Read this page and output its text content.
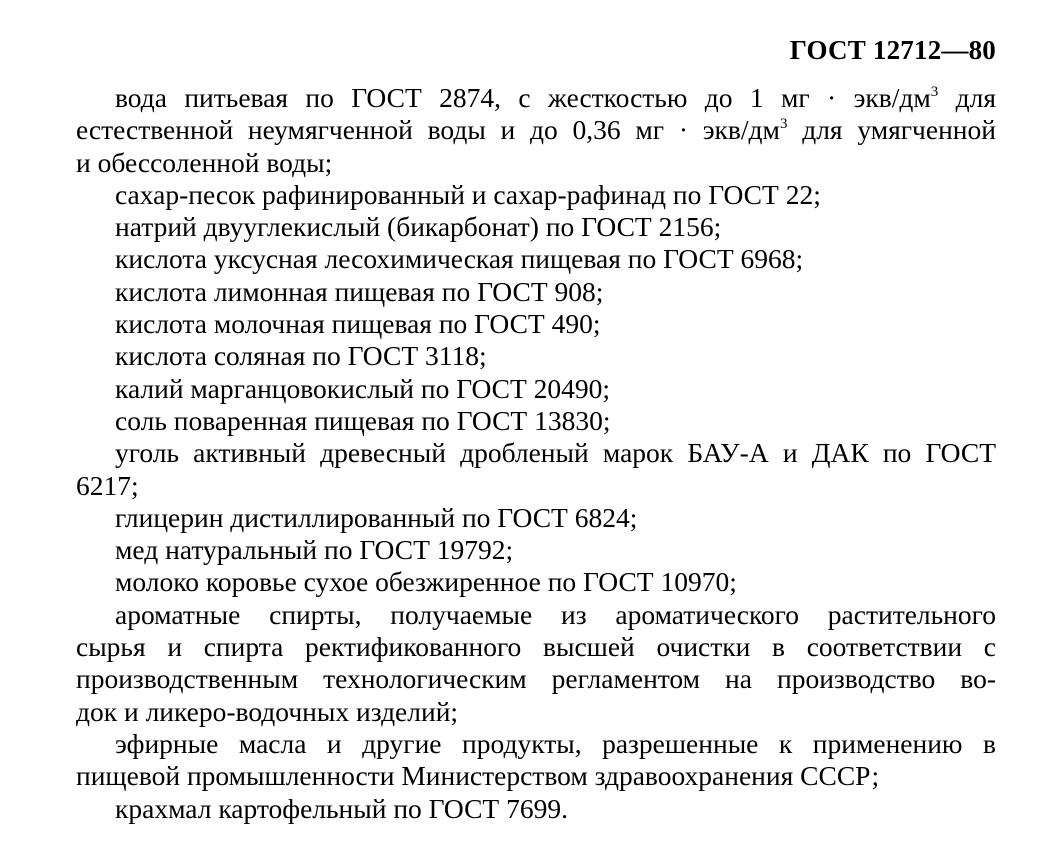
ГОСТ 12712—80
вода питьевая по ГОСТ 2874, с жесткостью до 1 мг · экв/$дм^3$ для
естественной неумягченной воды и до 0,36 мг · экв/$дм^3$ для умягченной
и обессоленной воды;

сахар-песок рафинированный и сахар-рафинад по ГОСТ 22;

натрий двууглекислый (бикарбонат) по ГОСТ 2156;

кислота уксусная лесохимическая пищевая по ГОСТ 6968;

кислота лимонная пищевая по ГОСТ 908;

кислота молочная пищевая по ГОСТ 490;

кислота соляная по ГОСТ 3118;

калий марганцовокислый по ГОСТ 20490;

соль поваренная пищевая по ГОСТ 13830;

уголь активный древесный дробленый марок БАУ-А и ДАК по ГОСТ
6217;

глицерин дистиллированный по ГОСТ 6824;

мед натуральный по ГОСТ 19792;

молоко коровье сухое обезжиренное по ГОСТ 10970;

ароматные спирты, получаемые из ароматического растительного
сырья и спирта ректификованного высшей очистки в соответствии с
производственным технологическим регламентом на производство во-
док и ликеро-водочных изделий;
эфирные масла и другие продукты, разрешенные к применению в
пищевой промышленности Министерством здравоохранения СССР;

крахмал картофельный по ГОСТ 7699.
